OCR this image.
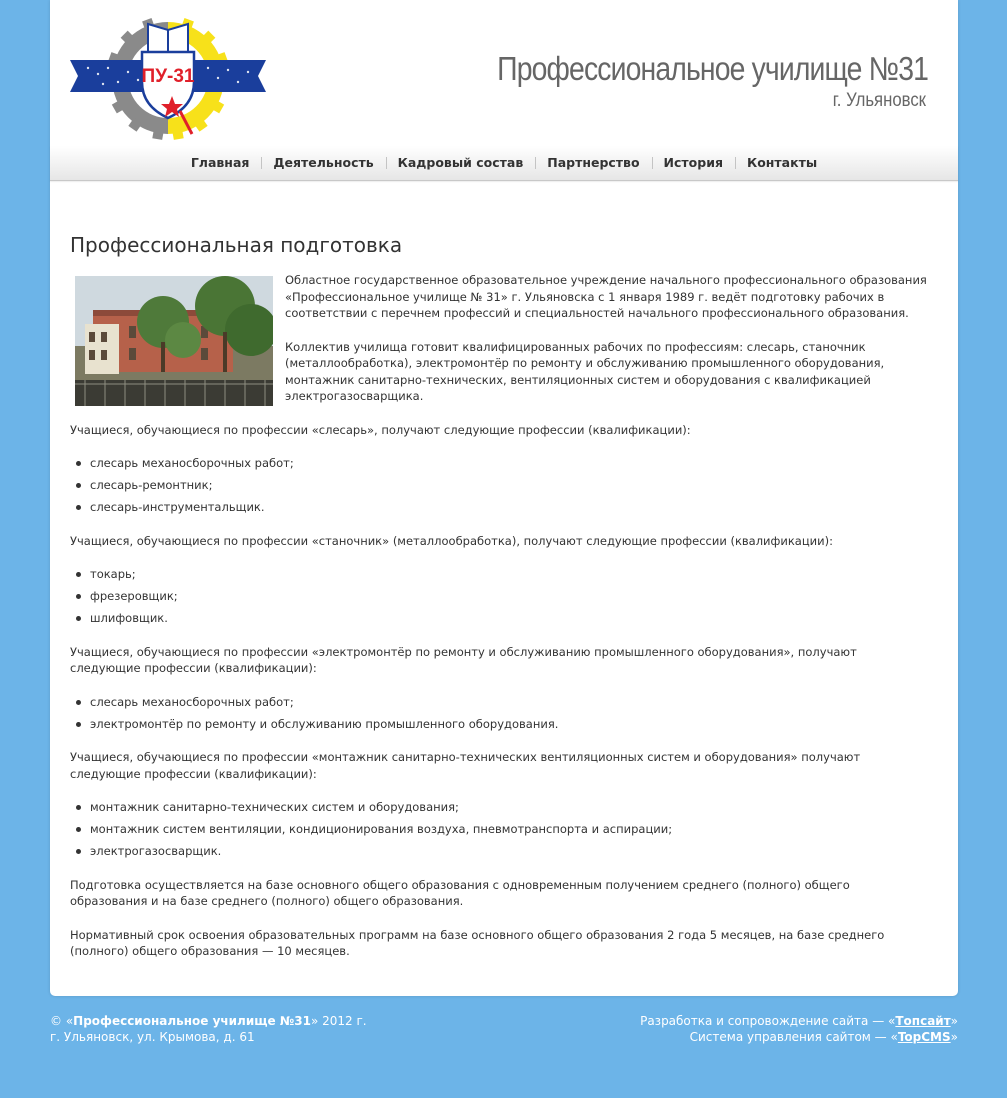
ПУ-31	Профессиональное училище №31
г. Ульяновск
Главная Деятельность Кадровый состав Партнерство История Контакты
Профессиональная подготовка

Областное государственное образовательное учреждение начального профессионального образования «Профессиональное училище № 31» г. Ульяновска с 1 января 1989 г. ведёт подготовку рабочих в соответствии с перечнем профессий и специальностей начального профессионального образования.

Коллектив училища готовит квалифицированных рабочих по профессиям: слесарь, станочник (металлообработка), электромонтёр по ремонту и обслуживанию промышленного оборудования, монтажник санитарно-технических, вентиляционных систем и оборудования с квалификацией электрогазосварщика.

Учащиеся, обучающиеся по профессии «слесарь», получают следующие профессии (квалификации):

слесарь механосборочных работ;
слесарь-ремонтник;
слесарь-инструментальщик.

Учащиеся, обучающиеся по профессии «станочник» (металлообработка), получают следующие профессии (квалификации):

токарь;
фрезеровщик;
шлифовщик.

Учащиеся, обучающиеся по профессии «электромонтёр по ремонту и обслуживанию промышленного оборудования», получают следующие профессии (квалификации):

слесарь механосборочных работ;
электромонтёр по ремонту и обслуживанию промышленного оборудования.

Учащиеся, обучающиеся по профессии «монтажник санитарно-технических вентиляционных систем и оборудования» получают следующие профессии (квалификации):

монтажник санитарно-технических систем и оборудования;
монтажник систем вентиляции, кондиционирования воздуха, пневмотранспорта и аспирации;
электрогазосварщик.

Подготовка осуществляется на базе основного общего образования с одновременным получением среднего (полного) общего образования и на базе среднего (полного) общего образования.

Нормативный срок освоения образовательных программ на базе основного общего образования 2 года 5 месяцев, на базе среднего (полного) общего образования — 10 месяцев.

© «Профессиональное училище №31» 2012 г.
г. Ульяновск, ул. Крымова, д. 61
Разработка и сопровождение сайта — «Топсайт»
Система управления сайтом — «TopCMS»
